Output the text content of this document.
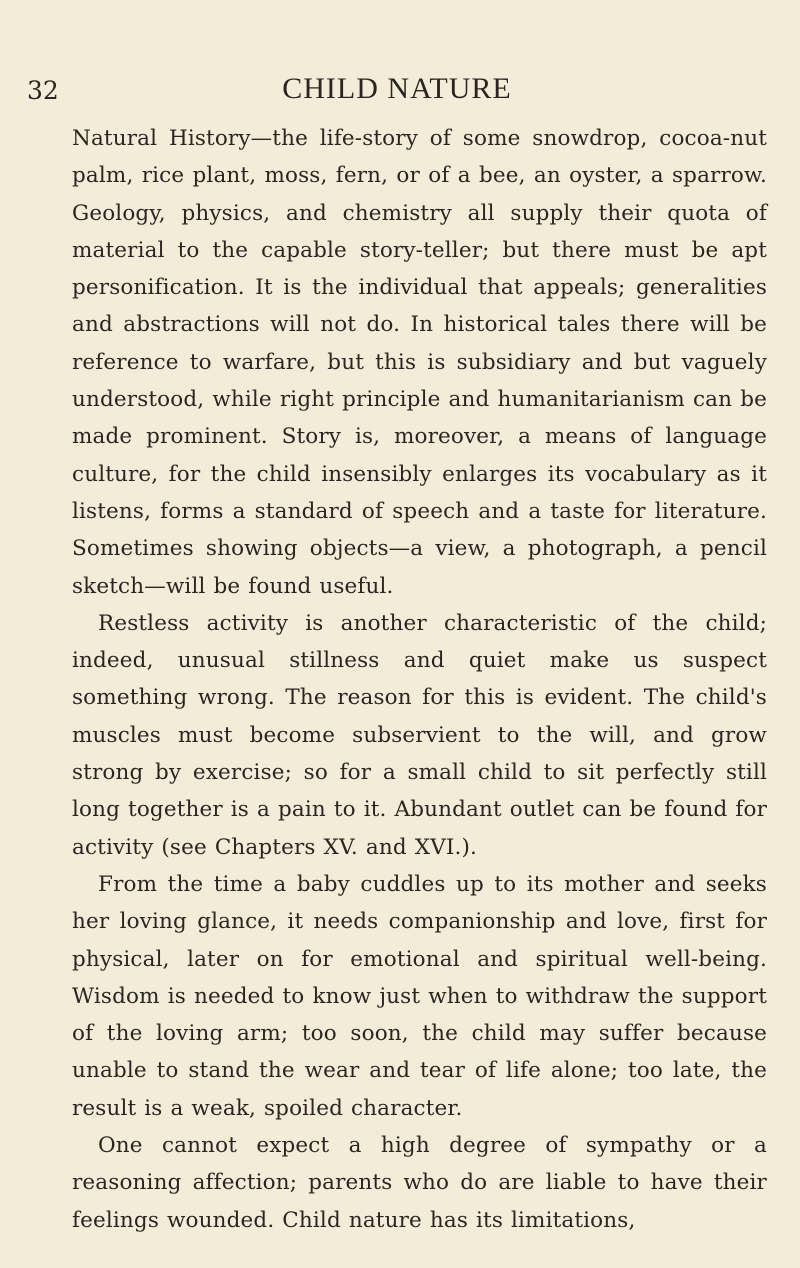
32	CHILD NATURE

Natural History—the life-story of some snowdrop, cocoa-nut palm, rice plant, moss, fern, or of a bee, an oyster, a sparrow. Geology, physics, and chemistry all supply their quota of material to the capable story-teller; but there must be apt personification. It is the individual that appeals; generalities and abstractions will not do. In historical tales there will be reference to warfare, but this is subsidiary and but vaguely understood, while right principle and humanitarianism can be made prominent. Story is, moreover, a means of language culture, for the child insensibly enlarges its vocabulary as it listens, forms a standard of speech and a taste for literature. Sometimes showing objects—a view, a photograph, a pencil sketch—will be found useful.

Restless activity is another characteristic of the child; indeed, unusual stillness and quiet make us suspect something wrong. The reason for this is evident. The child's muscles must become subservient to the will, and grow strong by exercise; so for a small child to sit perfectly still long together is a pain to it. Abundant outlet can be found for activity (see Chapters XV. and XVI.).

From the time a baby cuddles up to its mother and seeks her loving glance, it needs companionship and love, first for physical, later on for emotional and spiritual well-being. Wisdom is needed to know just when to withdraw the support of the loving arm; too soon, the child may suffer because unable to stand the wear and tear of life alone; too late, the result is a weak, spoiled character.

One cannot expect a high degree of sympathy or a reasoning affection; parents who do are liable to have their feelings wounded. Child nature has its limitations,
